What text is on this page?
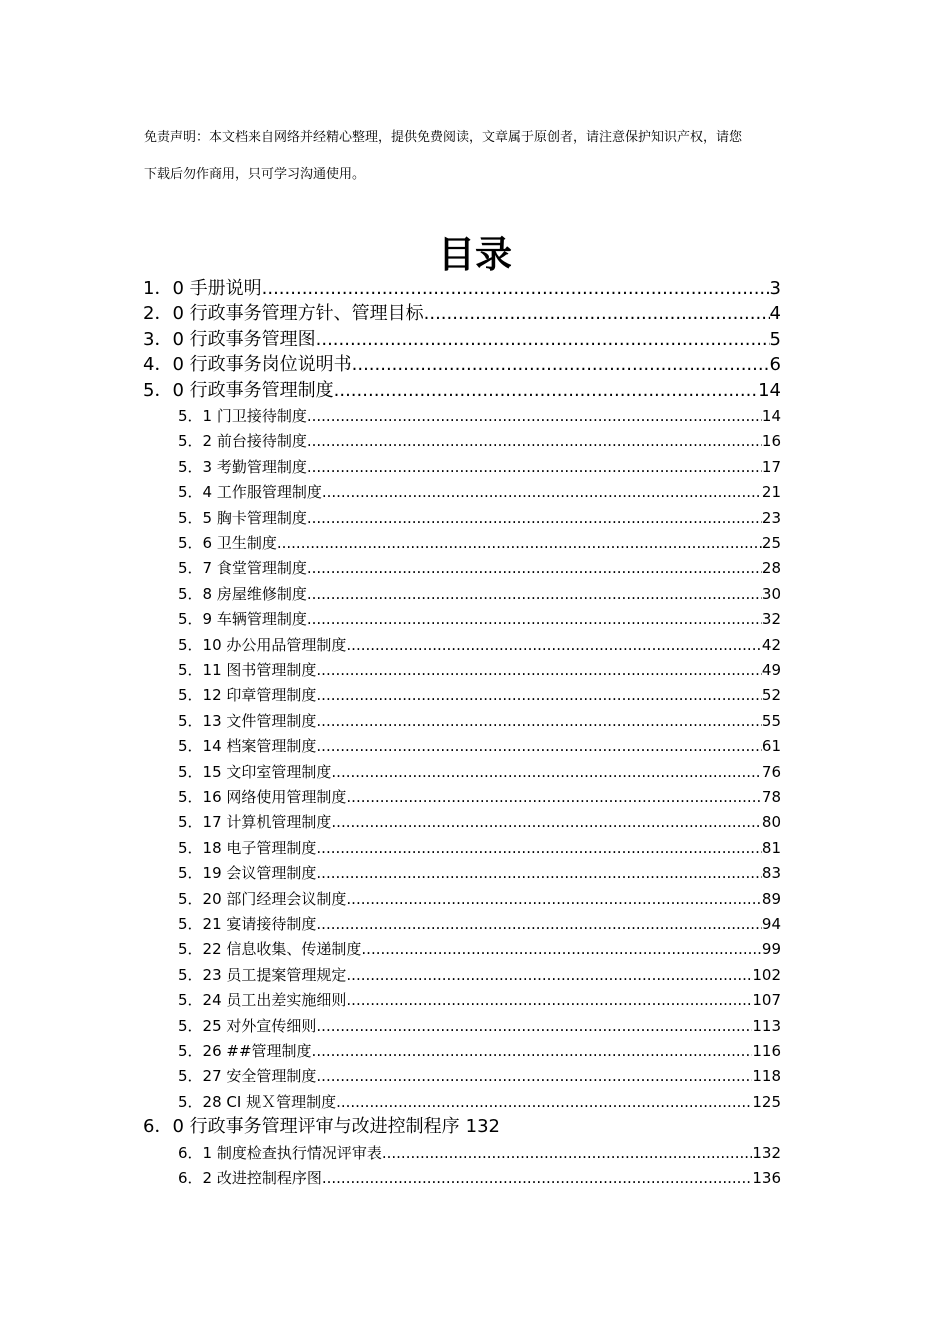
免责声明：本文档来自网络并经精心整理，提供免费阅读，文章属于原创者，请注意保护知识产权，请您
下载后勿作商用，只可学习沟通使用。
目录
1．0 手册说明 .....	3
2．0 行政事务管理方针、管理目标 .....	4
3．0 行政事务管理图 .....	5
4．0 行政事务岗位说明书 .....	6
5．0 行政事务管理制度 .....	14
5．1 门卫接待制度 .....	14
5．2 前台接待制度 .....	16
5．3 考勤管理制度 .....	17
5．4 工作服管理制度 .....	21
5．5 胸卡管理制度 .....	23
5．6 卫生制度 .....	25
5．7 食堂管理制度 .....	28
5．8 房屋维修制度 .....	30
5．9 车辆管理制度 .....	32
5．10 办公用品管理制度 .....	42
5．11 图书管理制度 .....	49
5．12 印章管理制度 .....	52
5．13 文件管理制度 .....	55
5．14 档案管理制度 .....	61
5．15 文印室管理制度 .....	76
5．16 网络使用管理制度 .....	78
5．17 计算机管理制度 .....	80
5．18 电子管理制度 .....	81
5．19 会议管理制度 .....	83
5．20 部门经理会议制度 .....	89
5．21 宴请接待制度 .....	94
5．22 信息收集、传递制度 .....	99
5．23 员工提案管理规定 .....	102
5．24 员工出差实施细则 .....	107
5．25 对外宣传细则 .....	113
5．26 ##管理制度 .....	116
5．27 安全管理制度 .....	118
5．28 CI 规Ｘ管理制度 .....	125
6．0 行政事务管理评审与改进控制程序 132
6．1 制度检查执行情况评审表 .....	132
6．2 改进控制程序图 .....	136
